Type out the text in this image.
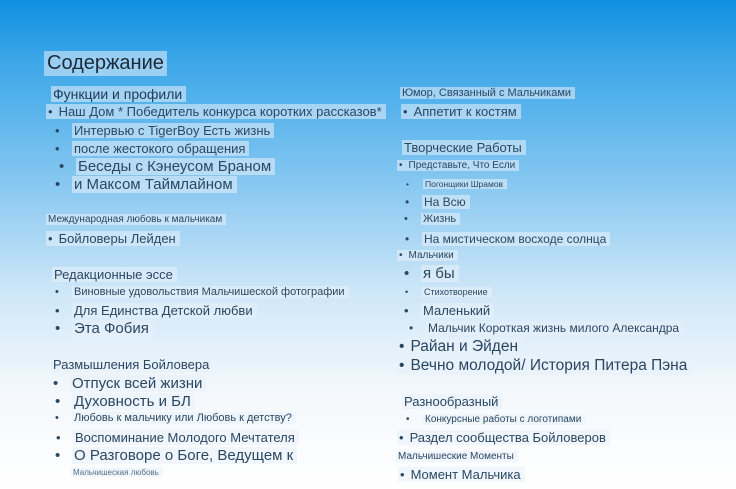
Содержание
Функции и профили
• Наш Дом * Победитель конкурса коротких рассказов*
• Интервью с TigerBoy Есть жизнь
• после жестокого обращения
• Беседы с Кэнеусом Браном
• и Максом Таймлайном
Международная любовь к мальчикам
• Бойловеры Лейден
Редакционные эссе
• Виновные удовольствия Мальчишеской фотографии
• Для Единства Детской любви
• Эта Фобия
Размышления Бойловера
• Отпуск всей жизни
• Духовность и БЛ
• Любовь к мальчику или Любовь к детству?
• Воспоминание Молодого Мечтателя
• О Разговоре о Боге, Ведущем к
Мальчишеская любовь
Юмор, Связанный с Мальчиками
• Аппетит к костям
Творческие Работы
• Представьте, Что Если
• Погонщики Шрамов
• На Всю
• Жизнь
• На мистическом восходе солнца
• Мальчики
• я бы
• Стихотворение
• Маленький
• Мальчик Короткая жизнь милого Александра
• Райан и Эйден
• Вечно молодой/ История Питера Пэна
Разнообразный
• Конкурсные работы с логотипами
• Раздел сообщества Бойловеров
Мальчишеские Моменты
• Момент Мальчика
